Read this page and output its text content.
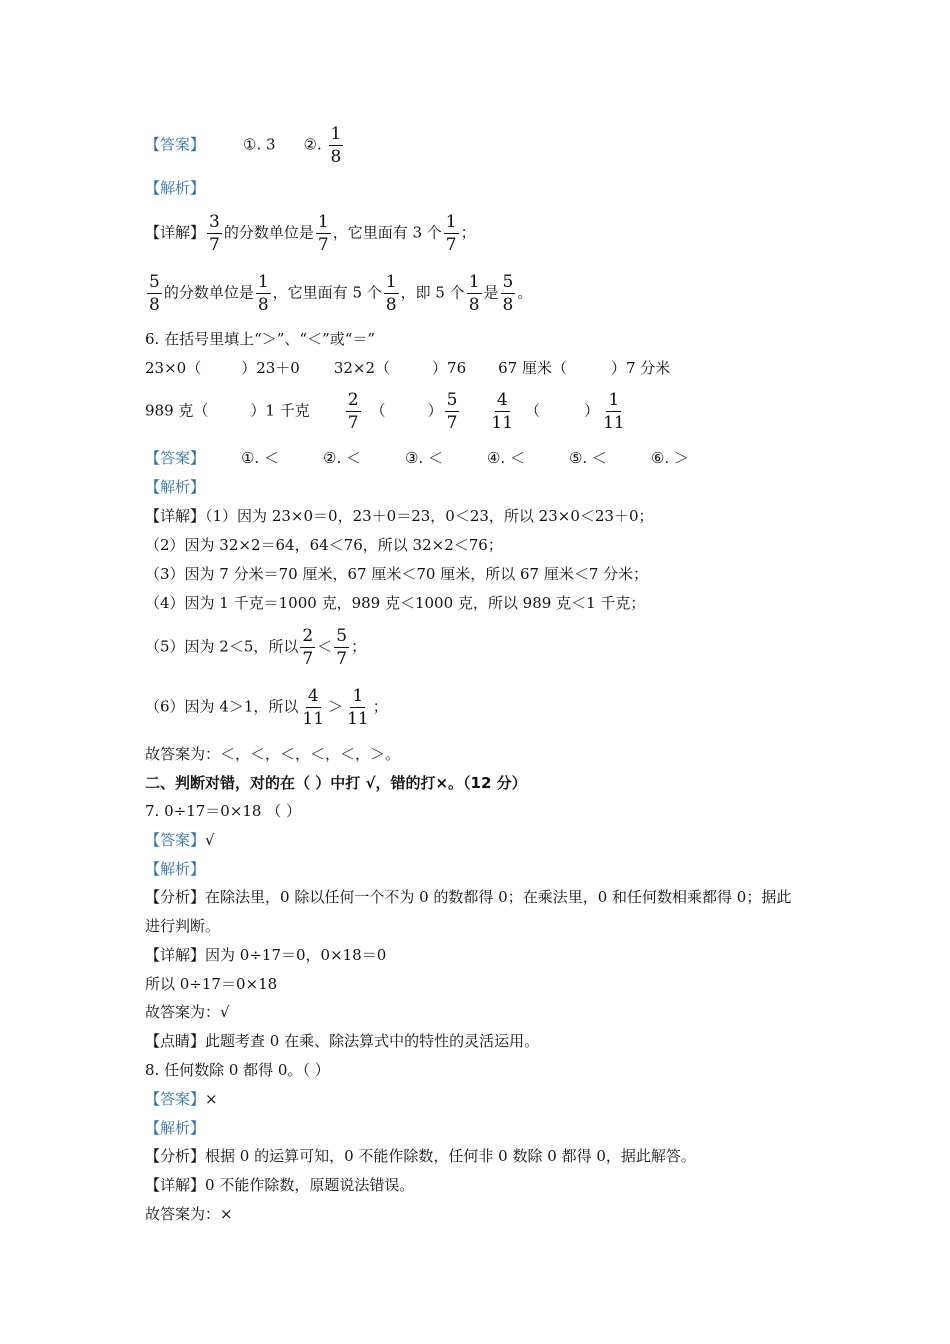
【答案】	①. 3 ②. $\frac{1}{8}$
【解析】
【详解】 $\frac{3}{7}$ 的分数单位是 $\frac{1}{7}$ ，它里面有 3 个 $\frac{1}{7}$ ；
$\frac{5}{8}$ 的分数单位是 $\frac{1}{8}$ ，它里面有 5 个 $\frac{1}{8}$ ，即 5 个 $\frac{1}{8}$ 是 $\frac{5}{8}$ 。
6. 在括号里填上“＞”、“＜”或“＝”
23×0（	）23＋0 32×2（	）76 67 厘米（	）7 分米
989 克（	）1 千克 $\frac{2}{7}$ （	） $\frac{5}{7} \frac{4}{11}$ （	） $\frac{1}{11}$
【答案】 ①. ＜	②. ＜	③. ＜	④. ＜	⑤. ＜	⑥. ＞
【解析】
【详解】（1）因为 23×0＝0，23＋0＝23，0＜23，所以 23×0＜23＋0；
（2）因为 32×2＝64，64＜76，所以 32×2＜76；
（3）因为 7 分米＝70 厘米，67 厘米＜70 厘米，所以 67 厘米＜7 分米；
（4）因为 1 千克＝1000 克，989 克＜1000 克，所以 989 克＜1 千克；
（5）因为 2＜5，所以 $\frac{2}{7} < \frac{5}{7}$ ；
（6）因为 4＞1，所以 $\frac{4}{11} > \frac{1}{11}$ ；
故答案为：＜，＜，＜，＜，＜，＞。
二、判断对错，对的在（ ）中打 √，错的打×。（12 分）
7. 0÷17＝0×18 （ ）
【答案】√
【解析】
【分析】在除法里，0 除以任何一个不为 0 的数都得 0；在乘法里，0 和任何数相乘都得 0；据此
进行判断。
【详解】因为 0÷17＝0，0×18＝0
所以 0÷17＝0×18
故答案为：√
【点睛】此题考查 0 在乘、除法算式中的特性的灵活运用。
8. 任何数除 0 都得 0。（ ）
【答案】×
【解析】
【分析】根据 0 的运算可知，0 不能作除数，任何非 0 数除 0 都得 0，据此解答。
【详解】0 不能作除数，原题说法错误。
故答案为：×
